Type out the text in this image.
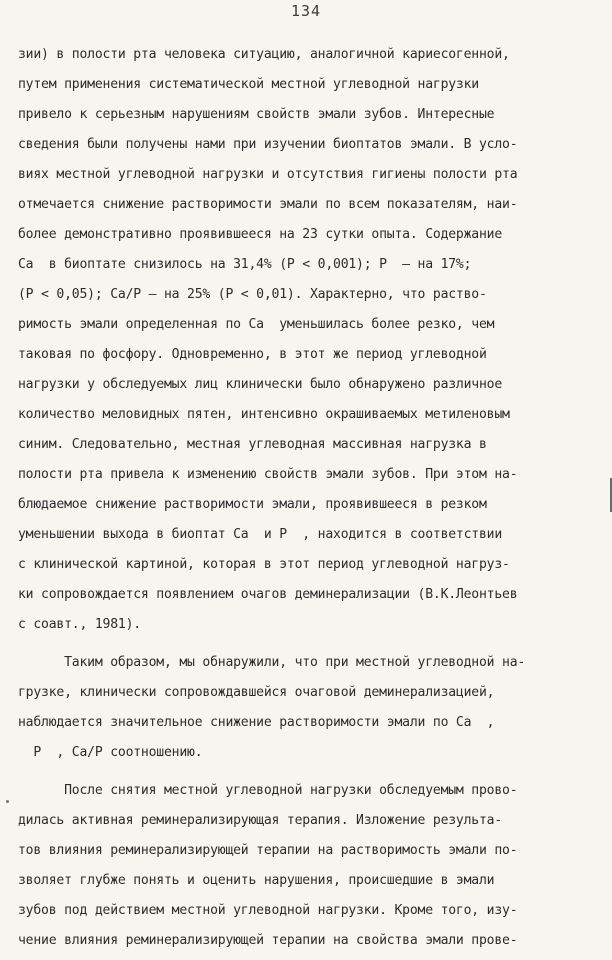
134
зии) в полости рта человека ситуацию, аналогичной кариесогенной,
путем применения систематической местной углеводной нагрузки
привело к серьезным нарушениям свойств эмали зубов. Интересные
сведения были получены нами при изучении биоптатов эмали. В усло-
виях местной углеводной нагрузки и отсутствия гигиены полости рта
отмечается снижение растворимости эмали по всем показателям, наи-
более демонстративно проявившееся на 23 сутки опыта. Содержание
Ca  в биоптате снизилось на 31,4% (P < 0,001); P  – на 17%;
(P < 0,05); Ca/P – на 25% (P < 0,01). Характерно, что раство-
римость эмали определенная по Ca  уменьшилась более резко, чем
таковая по фосфору. Одновременно, в этот же период углеводной
нагрузки у обследуемых лиц клинически было обнаружено различное
количество меловидных пятен, интенсивно окрашиваемых метиленовым
синим. Следовательно, местная углеводная массивная нагрузка в
полости рта привела к изменению свойств эмали зубов. При этом на-
блюдаемое снижение растворимости эмали, проявившееся в резком
уменьшении выхода в биоптат Ca  и P  , находится в соответствии
с клинической картиной, которая в этот период углеводной нагруз-
ки сопровождается появлением очагов деминерализации (В.К.Леонтьев
с соавт., 1981).
Таким образом, мы обнаружили, что при местной углеводной на-
грузке, клинически сопровождавшейся очаговой деминерализацией,
наблюдается значительное снижение растворимости эмали по Ca  ,
P  , Ca/P соотношению.
После снятия местной углеводной нагрузки обследуемым прово-
дилась активная реминерализирующая терапия. Изложение результа-
тов влияния реминерализирующей терапии на растворимость эмали по-
зволяет глубже понять и оценить нарушения, происшедшие в эмали
зубов под действием местной углеводной нагрузки. Кроме того, изу-
чение влияния реминерализирующей терапии на свойства эмали прове-
